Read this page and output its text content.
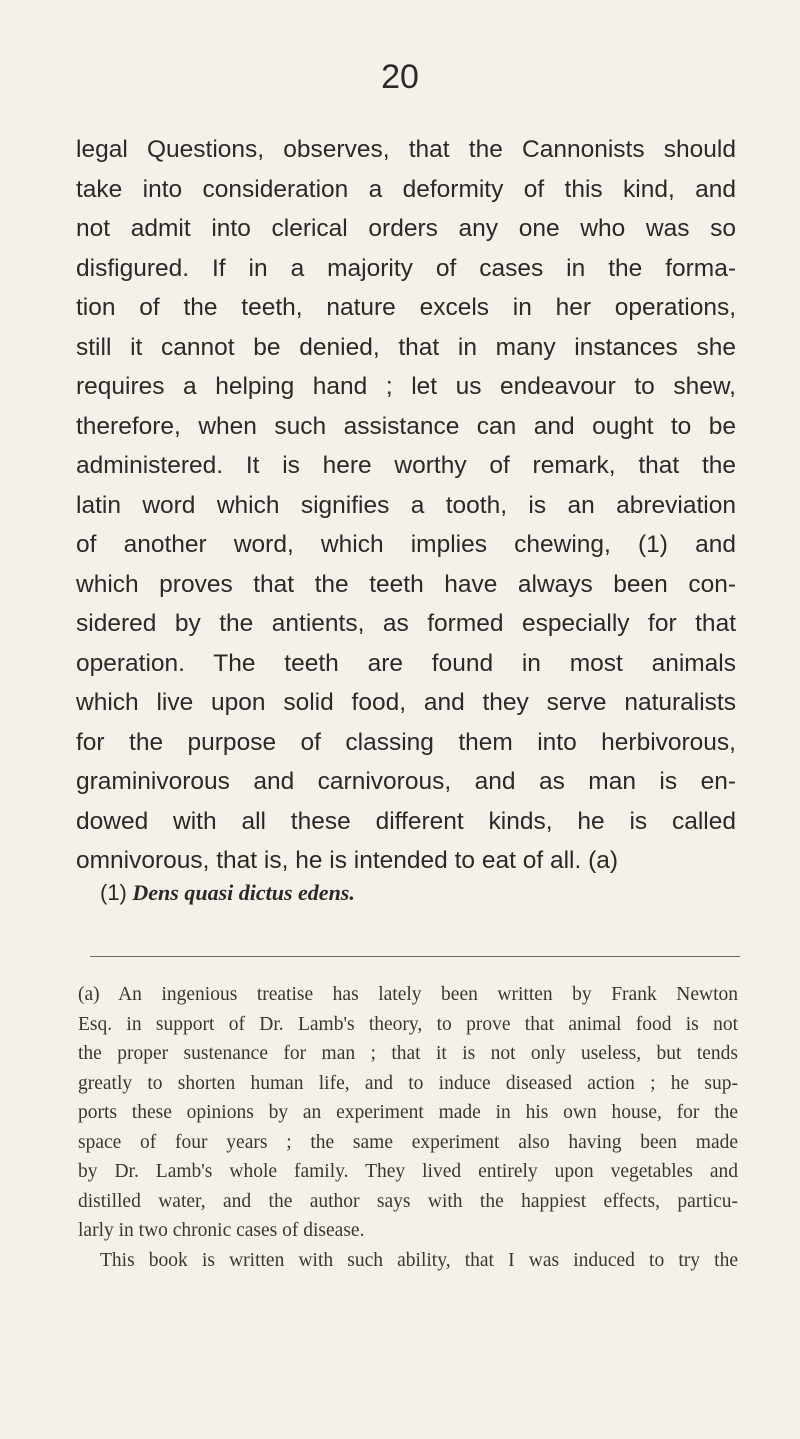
20
legal Questions, observes, that the Cannonists should
take into consideration a deformity of this kind, and
not admit into clerical orders any one who was so
disfigured. If in a majority of cases in the forma-
tion of the teeth, nature excels in her operations,
still it cannot be denied, that in many instances she
requires a helping hand ; let us endeavour to shew,
therefore, when such assistance can and ought to be
administered. It is here worthy of remark, that the
latin word which signifies a tooth, is an abreviation
of another word, which implies chewing, (1) and
which proves that the teeth have always been con-
sidered by the antients, as formed especially for that
operation. The teeth are found in most animals
which live upon solid food, and they serve naturalists
for the purpose of classing them into herbivorous,
graminivorous and carnivorous, and as man is en-
dowed with all these different kinds, he is called
omnivorous, that is, he is intended to eat of all. (a)
(1) Dens quasi dictus edens.
(a) An ingenious treatise has lately been written by Frank Newton
Esq. in support of Dr. Lamb's theory, to prove that animal food is not
the proper sustenance for man ; that it is not only useless, but tends
greatly to shorten human life, and to induce diseased action ; he sup-
ports these opinions by an experiment made in his own house, for the
space of four years ; the same experiment also having been made
by Dr. Lamb's whole family. They lived entirely upon vegetables and
distilled water, and the author says with the happiest effects, particu-
larly in two chronic cases of disease.
This book is written with such ability, that I was induced to try the
